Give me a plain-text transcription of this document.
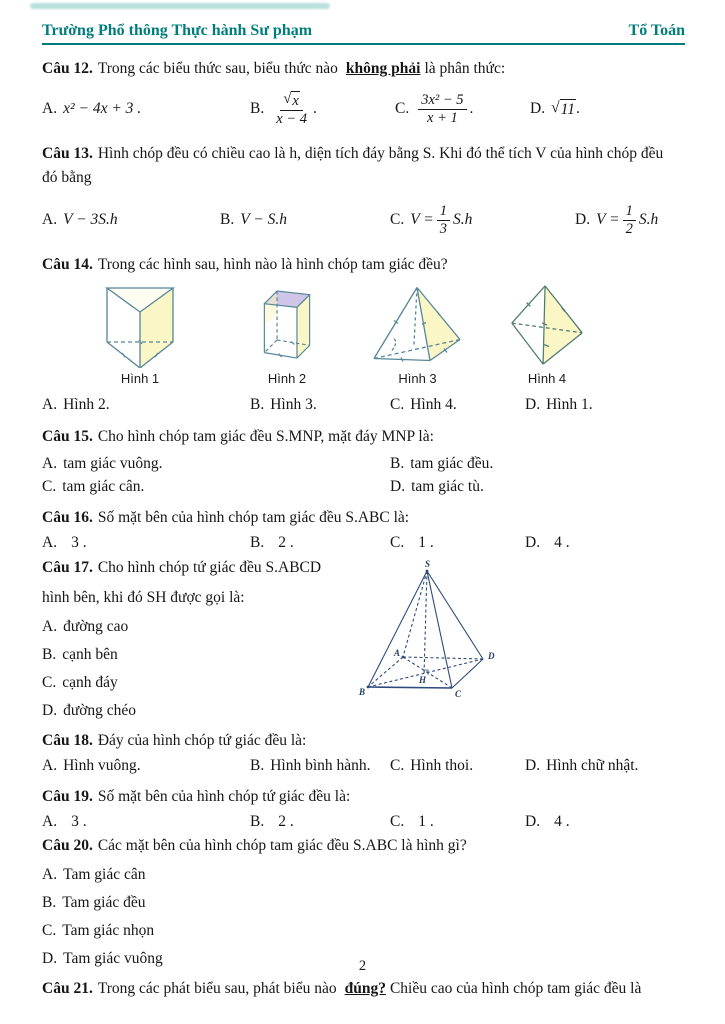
Trường Phổ thông Thực hành Sư phạm	Tổ Toán

Câu 12. Trong các biểu thức sau, biểu thức nào không phải là phân thức:

A. x² − 4x + 3 .	B. $\frac{√ x}{x - 4}$ .	C. $\frac{\text{3x² − 5}}{x + 1}$ .	D. √ 11 .

Câu 13. Hình chóp đều có chiều cao là h, diện tích đáy bằng S. Khi đó thể tích V của hình chóp đều
đó bằng

A. V − 3S.h	B. V − S.h	C. $V = \frac{1}{3} S.h$	D. $V = \frac{1}{2} S.h$

Câu 14. Trong các hình sau, hình nào là hình chóp tam giác đều?

Hình 1	Hình 2	Hình 3	Hình 4
A. Hình 2.	B. Hình 3.	C. Hình 4.	D. Hình 1.

Câu 15. Cho hình chóp tam giác đều S.MNP, mặt đáy MNP là:

A. tam giác vuông.	B. tam giác đều.
C. tam giác cân.	D. tam giác tù.

Câu 16. Số mặt bên của hình chóp tam giác đều S.ABC là:

A. 3 .	B. 2 .	C. 1 .	D. 4 .

Câu 17. Cho hình chóp tứ giác đều S.ABCD

hình bên, khi đó SH được gọi là:

A. đường cao

B. cạnh bên

C. cạnh đáy

D. đường chéo

S
A
B	C
D
H

Câu 18. Đáy của hình chóp tứ giác đều là:

A. Hình vuông.	B. Hình bình hành. C. Hình thoi.	D. Hình chữ nhật.

Câu 19. Số mặt bên của hình chóp tứ giác đều là:

A. 3 .	B. 2 .	C. 1 .	D. 4 .

Câu 20. Các mặt bên của hình chóp tam giác đều S.ABC là hình gì?

A. Tam giác cân

B. Tam giác đều

C. Tam giác nhọn

D. Tam giác vuông

Câu 21. Trong các phát biểu sau, phát biểu nào đúng? Chiều cao của hình chóp tam giác đều là

2
